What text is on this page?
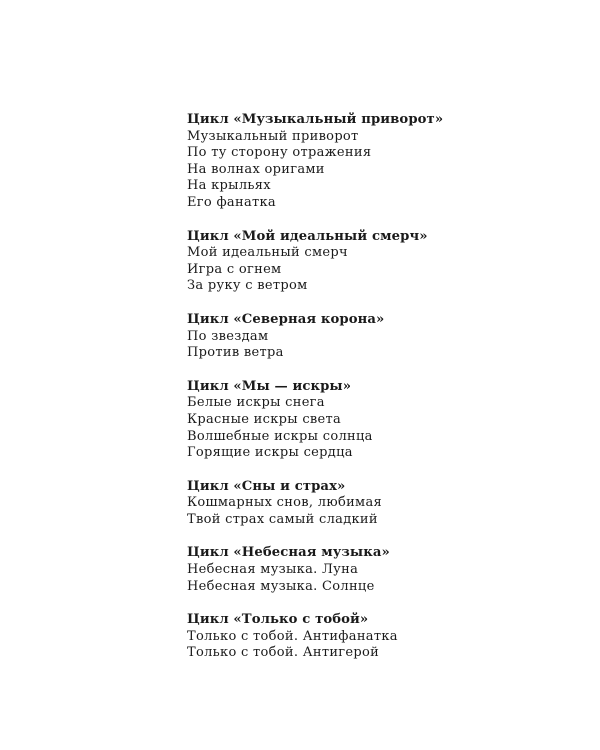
Цикл «Музыкальный приворот»
Музыкальный приворот
По ту сторону отражения
На волнах оригами
На крыльях
Его фанатка
Цикл «Мой идеальный смерч»
Мой идеальный смерч
Игра с огнем
За руку с ветром
Цикл «Северная корона»
По звездам
Против ветра
Цикл «Мы — искры»
Белые искры снега
Красные искры света
Волшебные искры солнца
Горящие искры сердца
Цикл «Сны и страх»
Кошмарных снов, любимая
Твой страх самый сладкий
Цикл «Небесная музыка»
Небесная музыка. Луна
Небесная музыка. Солнце
Цикл «Только с тобой»
Только с тобой. Антифанатка
Только с тобой. Антигерой
